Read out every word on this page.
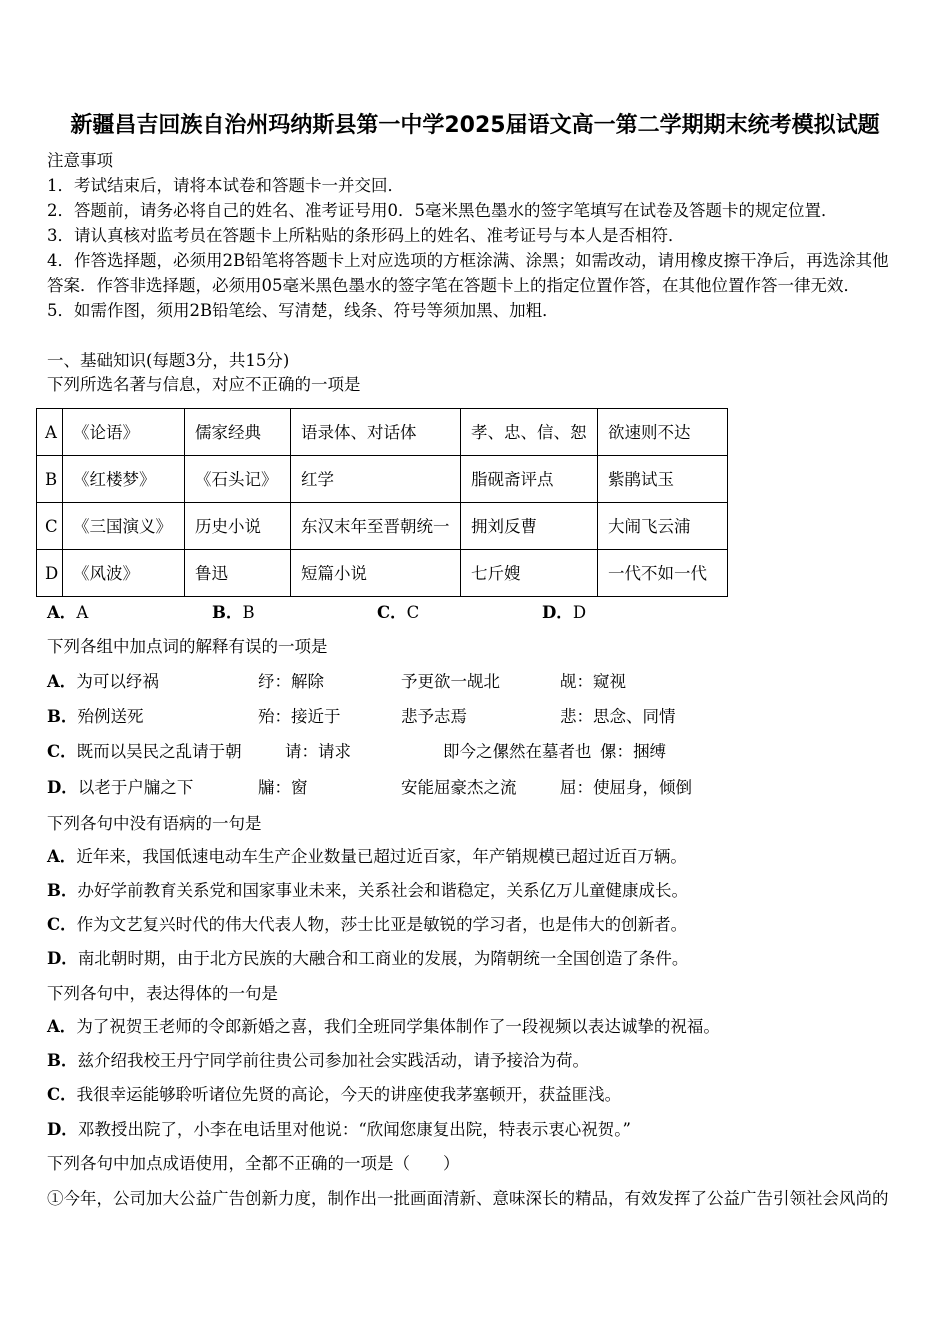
新疆昌吉回族自治州玛纳斯县第一中学2025届语文高一第二学期期末统考模拟试题
注意事项
1．考试结束后，请将本试卷和答题卡一并交回．
2．答题前，请务必将自己的姓名、准考证号用0．5毫米黑色墨水的签字笔填写在试卷及答题卡的规定位置．
3．请认真核对监考员在答题卡上所粘贴的条形码上的姓名、准考证号与本人是否相符．
4．作答选择题，必须用2B铅笔将答题卡上对应选项的方框涂满、涂黑；如需改动，请用橡皮擦干净后，再选涂其他答案．作答非选择题，必须用05毫米黑色墨水的签字笔在答题卡上的指定位置作答，在其他位置作答一律无效．
5．如需作图，须用2B铅笔绘、写清楚，线条、符号等须加黑、加粗．
一、基础知识(每题3分，共15分)
下列所选名著与信息，对应不正确的一项是
A	《论语》	儒家经典	语录体、对话体	孝、忠、信、恕	欲速则不达
B	《红楼梦》	《石头记》	红学	脂砚斋评点	紫鹃试玉
C	《三国演义》	历史小说	东汉末年至晋朝统一	拥刘反曹	大闹飞云浦
D	《风波》	鲁迅	短篇小说	七斤嫂	一代不如一代
A．A	B．B	C．C	D．D
下列各组中加点词的解释有误的一项是
A．为可以纾祸	纾：解除	予更欲一觇北	觇：窥视
B．殆例送死	殆：接近于	悲予志焉	悲：思念、同情
C．既而以吴民之乱请于朝	请：请求	即今之傫然在墓者也 傫：捆缚
D．以老于户牖之下	牖：窗	安能屈豪杰之流	屈：使屈身，倾倒
下列各句中没有语病的一句是
A．近年来，我国低速电动车生产企业数量已超过近百家，年产销规模已超过近百万辆。
B．办好学前教育关系党和国家事业未来，关系社会和谐稳定，关系亿万儿童健康成长。
C．作为文艺复兴时代的伟大代表人物，莎士比亚是敏锐的学习者，也是伟大的创新者。
D．南北朝时期，由于北方民族的大融合和工商业的发展，为隋朝统一全国创造了条件。
下列各句中，表达得体的一句是
A．为了祝贺王老师的令郎新婚之喜，我们全班同学集体制作了一段视频以表达诚挚的祝福。
B．兹介绍我校王丹宁同学前往贵公司参加社会实践活动，请予接洽为荷。
C．我很幸运能够聆听诸位先贤的高论，今天的讲座使我茅塞顿开，获益匪浅。
D．邓教授出院了，小李在电话里对他说：“欣闻您康复出院，特表示衷心祝贺。”
下列各句中加点成语使用，全都不正确的一项是（　　）
①今年，公司加大公益广告创新力度，制作出一批画面清新、意味深长的精品，有效发挥了公益广告引领社会风尚的
